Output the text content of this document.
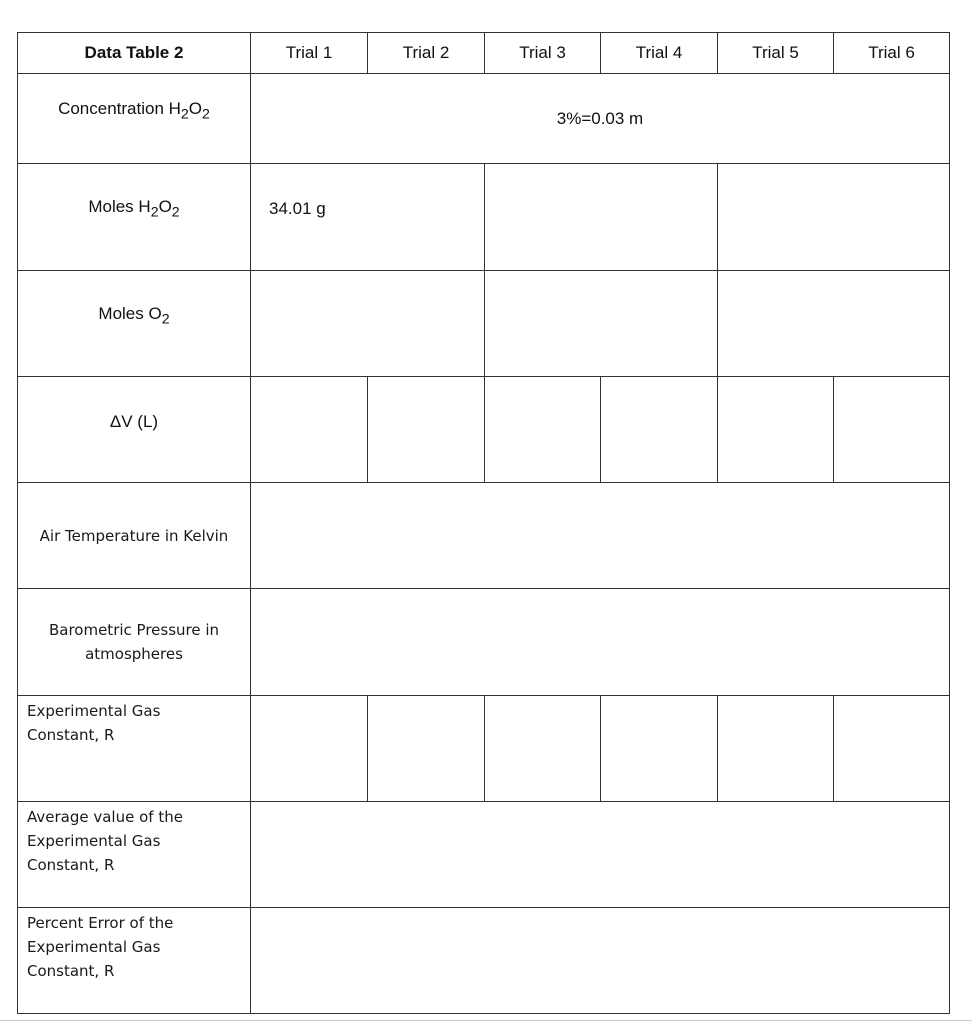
Data Table 2	Trial 1	Trial 2	Trial 3	Trial 4	Trial 5	Trial 6
Concentration $H_2O_2$	3%=0.03 m					
Moles $H_2O_2$	34.01 g					
Moles $O_2$			
ΔV (L)						
Air Temperature in Kelvin						

Barometric Pressure in
atmospheres						

Experimental Gas
Constant, R						

Average value of the
Experimental Gas
Constant, R						

Percent Error of the
Experimental Gas
Constant, R						
